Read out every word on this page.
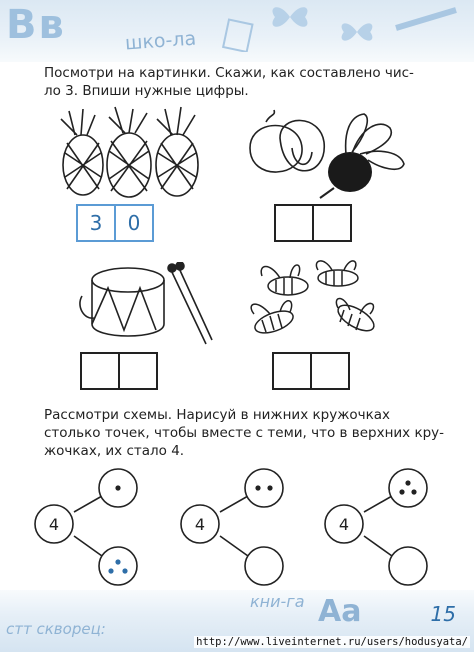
Вв	шко-ла
Посмотри на картинки. Скажи, как составлено чис-
ло 3. Впиши нужные цифры.
3	0
Рассмотри схемы. Нарисуй в нижних кружочках
столько точек, чтобы вместе с теми, что в верхних кру-
жочках, их стало 4.
4	4	4
кни-га Аа
стт скворец:
15
http://www.liveinternet.ru/users/hodusyata/
